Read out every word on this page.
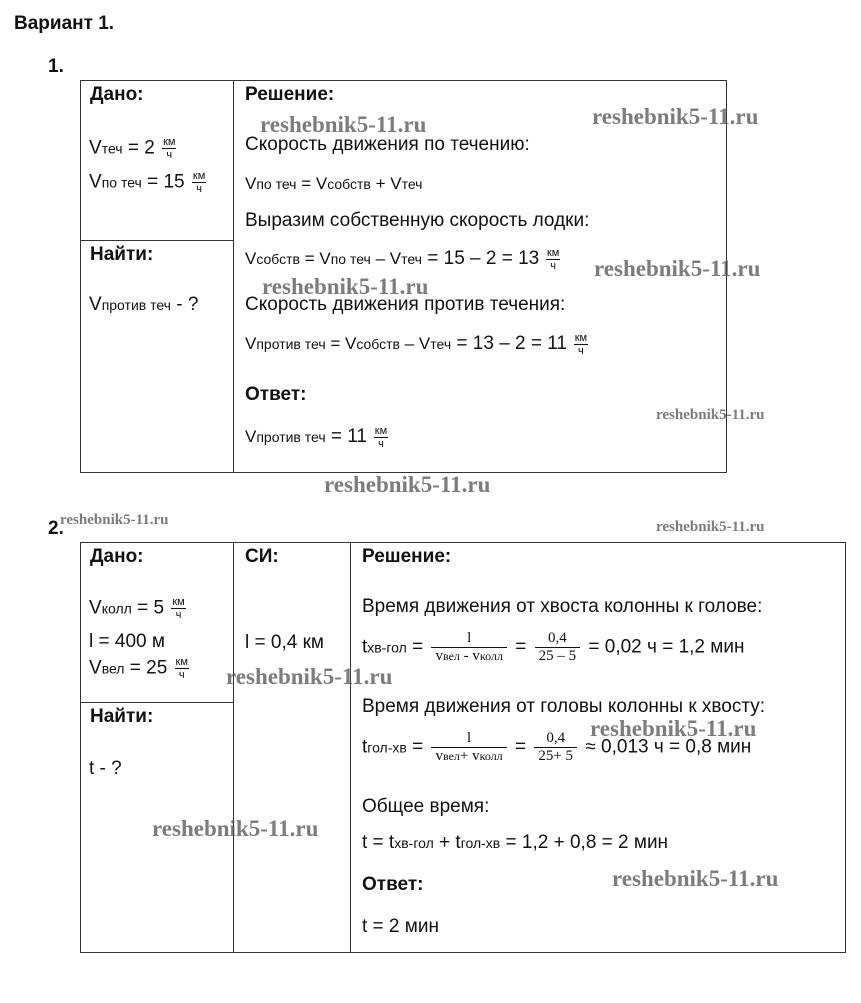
Вариант 1.
1.
Дано:
Vтеч = $2 \frac{км}{ч}$
Vпо теч = $15 \frac{км}{ч}$
Найти:
Vпротив теч - ?
Решение:
Скорость движения по течению:
Vпо теч = Vсобств + Vтеч
Выразим собственную скорость лодки:
Vсобств = Vпо теч – Vтеч = $15 - 2 = 13 \frac{км}{ч}$
Скорость движения против течения:
Vпротив теч = Vсобств – Vтеч = $13 - 2 = 11 \frac{км}{ч}$
Ответ:
Vпротив теч = $11 \frac{км}{ч}$
2.
Дано:
Vколл = $5 \frac{км}{ч}$
l = 400 м
Vвел = $25 \frac{км}{ч}$
Найти:
t - ?
СИ:
l = 0,4 км
Решение:
Время движения от хвоста колонны к голове:
$tхв-гол = \frac{l}{\text{vвел - vколл}} = \frac{0,4}{25 - 5} = 0,02$ ч = 1,2 мин
Время движения от головы колонны к хвосту:
tгол-хв = $\frac{l}{\text{vвел+ vколл}} = \frac{0,4}{25+ 5} \approx 0,013$ ч = 0,8 мин
Общее время:
t = tхв-гол + tгол-хв = 1,2 + 0,8 = 2 мин
Ответ:
t = 2 мин
reshebnik5-11.ru	reshebnik5-11.ru
reshebnik5-11.ru
reshebnik5-11.ru
reshebnik5-11.ru
reshebnik5-11.ru
reshebnik5-11.ru	reshebnik5-11.ru
reshebnik5-11.ru
reshebnik5-11.ru
reshebnik5-11.ru
reshebnik5-11.ru
